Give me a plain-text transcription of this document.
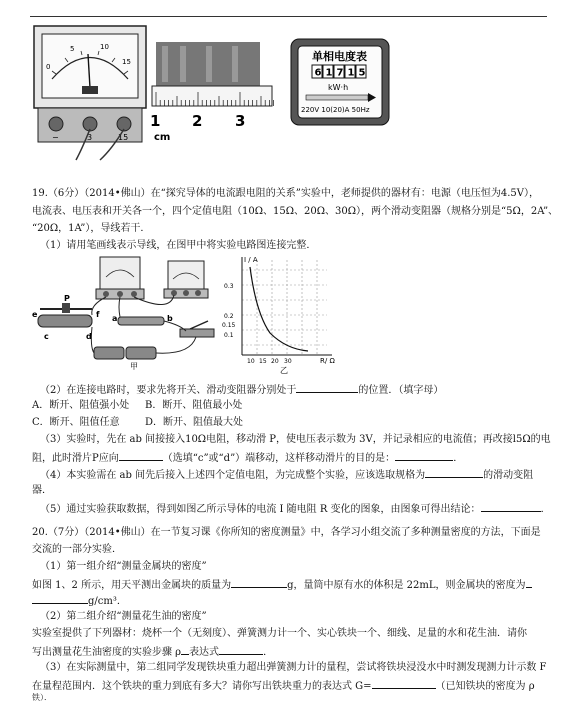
0
5	10
15
−	3	15
1 2 3
cm
单相电度表
6 1 7 1 5
kW·h
220V 10(20)A 50Hz
19.（6分）（2014•佛山）在“探究导体的电流跟电阻的关系”实验中，老师提供的器材有：电源（电压恒为4.5V），
电流表、电压表和开关各一个，四个定值电阻（10Ω、15Ω、20Ω、30Ω），两个滑动变阻器（规格分别是“5Ω，2A”、
“20Ω，1A”），导线若干．
（1）请用笔画线表示导线，在图甲中将实验电路图连接完整．
P
e	f
c	d
a	b
甲
I / A
R/ Ω
0.3
0.2
0.15
0.1
10 15 20 30
乙
（2）在连接电路时，要求先将开关、滑动变阻器分别处于	的位置．（填字母）
A．断开、阻值强小处 B．断开、阻值最小处
C．断开、阻值任意	D．断开、阻值最大处
（3）实验时，先在 ab 间接接入10Ω电阻，移动滑 P，使电压表示数为 3V，并记录相应的电流值；再改接l5Ω的电
阻，此时滑片P应向	（选填“c”或“d”）端移动，这样移动滑片的目的是：	．
（4）本实验需在 ab 间先后接入上述四个定值电阻，为完成整个实验，应该选取规格为	的滑动变阻
器．
（5）通过实验获取数据，得到如图乙所示导体的电流 I 随电阻 R 变化的图象，由图象可得出结论：	．
20.（7分）（2014•佛山）在一节复习课《你所知的密度测量》中，各学习小组交流了多种测量密度的方法，下面是
交流的一部分实验．
（1）第一组介绍“测量金属块的密度”
如图 1、2 所示，用天平测出金属块的质量为	g，量筒中原有水的体积是 22mL，则金属块的密度为
g/cm³．
（2）第二组介绍“测量花生油的密度”
实验室提供了下列器材：烧杯一个（无刻度）、弹簧测力计一个、实心铁块一个、细线、足量的水和花生油．请你
写出测量花生油密度的实验步骤 ρ 表达式	．
（3）在实际测量中，第二组同学发现铁块重力超出弹簧测力计的量程，尝试将铁块浸没水中时测发现测力计示数 F
在量程范围内．这个铁块的重力到底有多大？请你写出铁块重力的表达式 G=	（已知铁块的密度为 ρ
铁）．
